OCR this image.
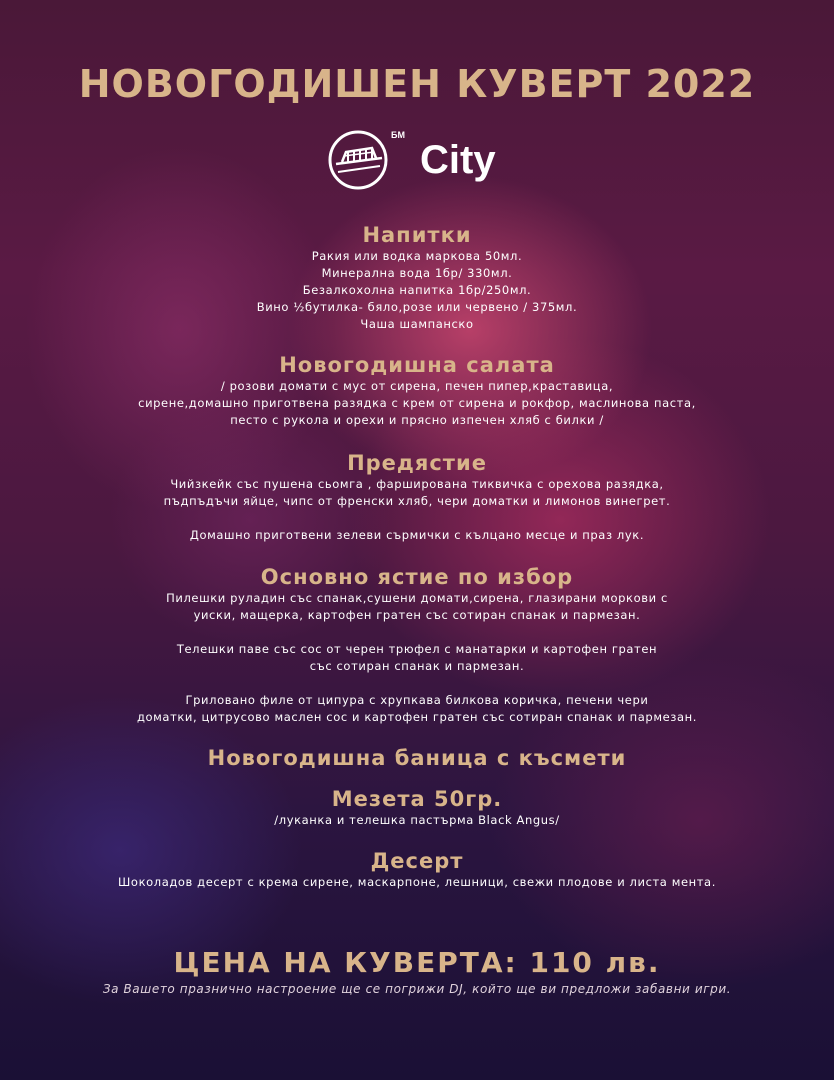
НОВОГОДИШЕН КУВЕРТ 2022
БМ
City
Напитки
Ракия или водка маркова 50мл.
Минерална вода 1бр/ 330мл.
Безалкохолна напитка 1бр/250мл.
Вино ½бутилка- бяло,розе или червено / 375мл.
Чаша шампанско
Новогодишна салата
/ розови домати с мус от сирена, печен пипер,краставица,
сирене,домашно приготвена разядка с крем от сирена и рокфор, маслинова паста,
песто с рукола и орехи и прясно изпечен хляб с билки /
Предястие
Чийзкейк със пушена сьомга , фаршировaна тиквичка с орехова разядка,
пъдпъдъчи яйце, чипс от френски хляб, чери доматки и лимонов винегрет.
Домашно приготвени зелеви сърмички с кълцано месце и праз лук.
Основно ястие по избор
Пилешки руладин със спанак,сушени домати,сирена, глазирани моркови с
уиски, мащерка, картофен гратен със сотиран спанак и пармезан.
Телешки паве със сос от черен трюфел с манатарки и картофен гратен
със сотиран спанак и пармезан.
Грилoвано филе от ципура с хрупкава билкова коричка, печени чери
доматки, цитрусово маслен сос и картофен гратен със сотиран спанак и пармезан.
Новогодишна баница с късмети
Мезета 50гр.
/луканка и телешка пастърма Black Angus/
Десерт
Шоколадов десерт с крема сирене, маскарпоне, лешници, свежи плодове и листа мента.
ЦЕНА НА КУВЕРТА: 110 лв.
За Вашето празнично настроение ще се погрижи DJ, който ще ви предложи забавни игри.
